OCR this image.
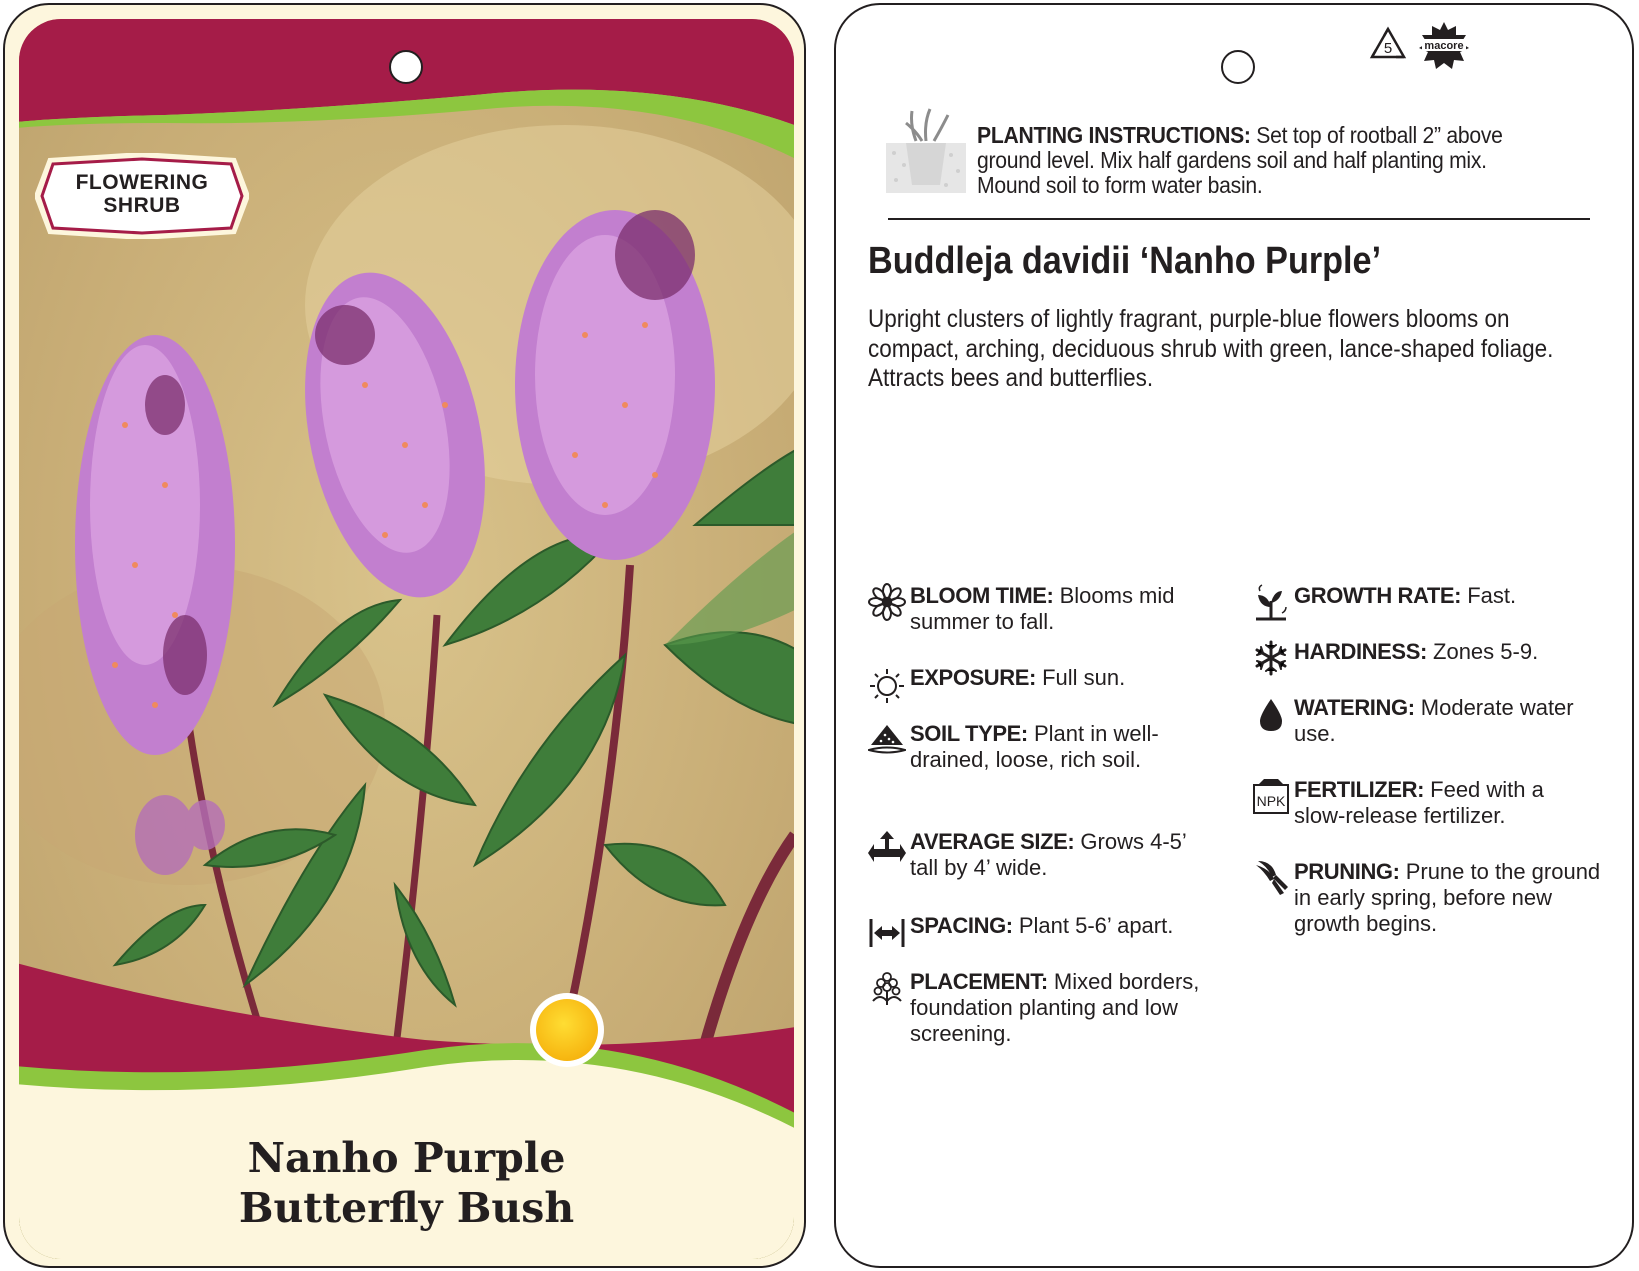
FLOWERING
SHRUB
Nanho Purple
Butterfly Bush
5	macore
PLANTING INSTRUCTIONS: Set top of rootball 2” above ground level. Mix half gardens soil and half planting mix. Mound soil to form water basin.
Buddleja davidii ‘Nanho Purple’
Upright clusters of lightly fragrant, purple-blue flowers blooms on compact, arching, deciduous shrub with green, lance-shaped foliage. Attracts bees and butterflies.
BLOOM TIME: Blooms mid summer to fall.
EXPOSURE: Full sun.
SOIL TYPE: Plant in well-drained, loose, rich soil.
AVERAGE SIZE: Grows 4-5’ tall by 4’ wide.
SPACING: Plant 5-6’ apart.
PLACEMENT: Mixed borders, foundation planting and low screening.
GROWTH RATE: Fast.
HARDINESS: Zones 5-9.
WATERING: Moderate water use.
NPK FERTILIZER: Feed with a slow-release fertilizer.
PRUNING: Prune to the ground in early spring, before new growth begins.
